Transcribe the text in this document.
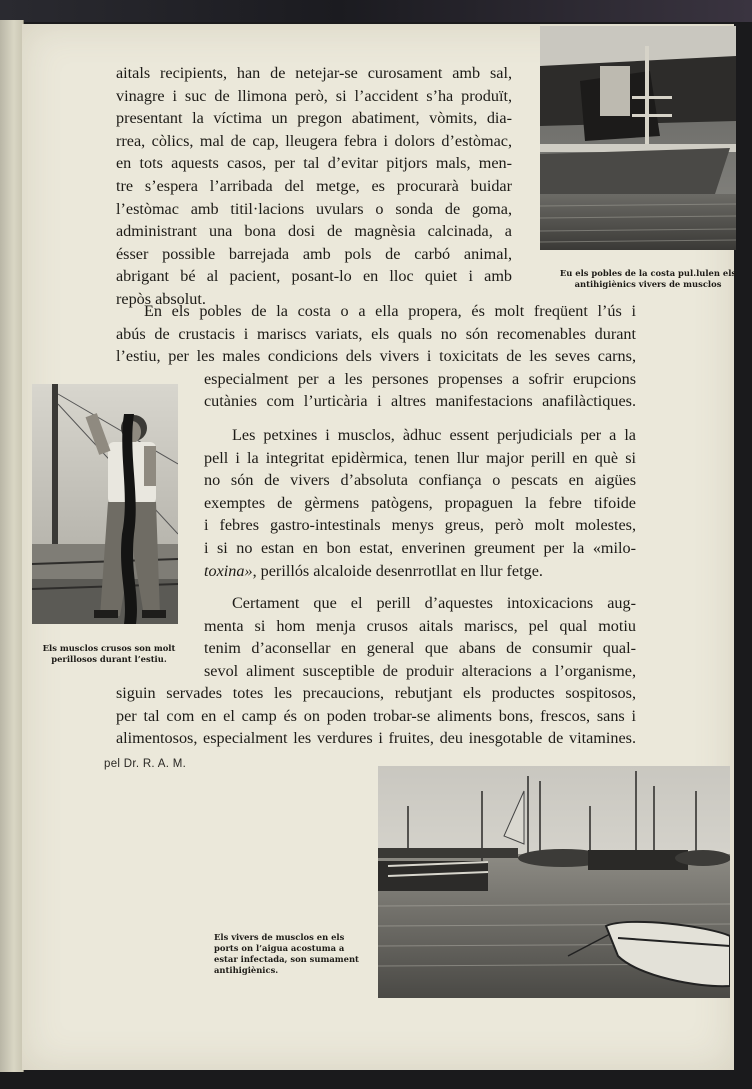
Eu els pobles de la costa pul.lulen els
antihigiènics vivers de musclos
aitals recipients, han de netejar-se curosament amb sal,
vinagre i suc de llimona però, si l’accident s’ha produït,
presentant la víctima un pregon abatiment, vòmits, dia-
rrea, còlics, mal de cap, lleugera febra i dolors d’estòmac,
en tots aquests casos, per tal d’evitar pitjors mals, men-
tre s’espera l’arribada del metge, es procurarà buidar
l’estòmac amb titil·lacions uvulars o sonda de goma,
administrant una bona dosi de magnèsia calcinada, a
ésser possible barrejada amb pols de carbó animal,
abrigant bé al pacient, posant-lo en lloc quiet i amb
repòs absolut.
En els pobles de la costa o a ella propera, és molt freqüent l’ús i
abús de crustacis i mariscs variats, els quals no són recomenables durant
l’estiu, per les males condicions dels vivers i toxicitats de les seves carns,
especialment per a les persones propenses a sofrir erupcions
cutànies com l’urticària i altres manifestacions anafilàctiques.
Els musclos crusos son molt
perillosos durant l’estiu.
Les petxines i musclos, àdhuc essent perjudicials per a la
pell i la integritat epidèrmica, tenen llur major perill en què si
no són de vivers d’absoluta confiança o pescats en aigües
exemptes de gèrmens patògens, propaguen la febre tifoide
i febres gastro-intestinals menys greus, però molt molestes,
i si no estan en bon estat, enverinen greument per la «milo-
toxina», perillós alcaloide desenrrotllat en llur fetge.
Certament que el perill d’aquestes intoxicacions aug-
menta si hom menja crusos aitals mariscs, pel qual motiu
tenim d’aconsellar en general que abans de consumir qual-
sevol aliment susceptible de produir alteracions a l’organisme,
siguin servades totes les precaucions, rebutjant els productes sospitosos,
per tal com en el camp és on poden trobar-se aliments bons, frescos, sans i
alimentosos, especialment les verdures i fruites, deu inesgotable de vitamines.
pel Dr. R. A. M.
Els vivers de musclos en els
ports on l’aigua acostuma a
estar infectada, son sumament
antihigiènics.
